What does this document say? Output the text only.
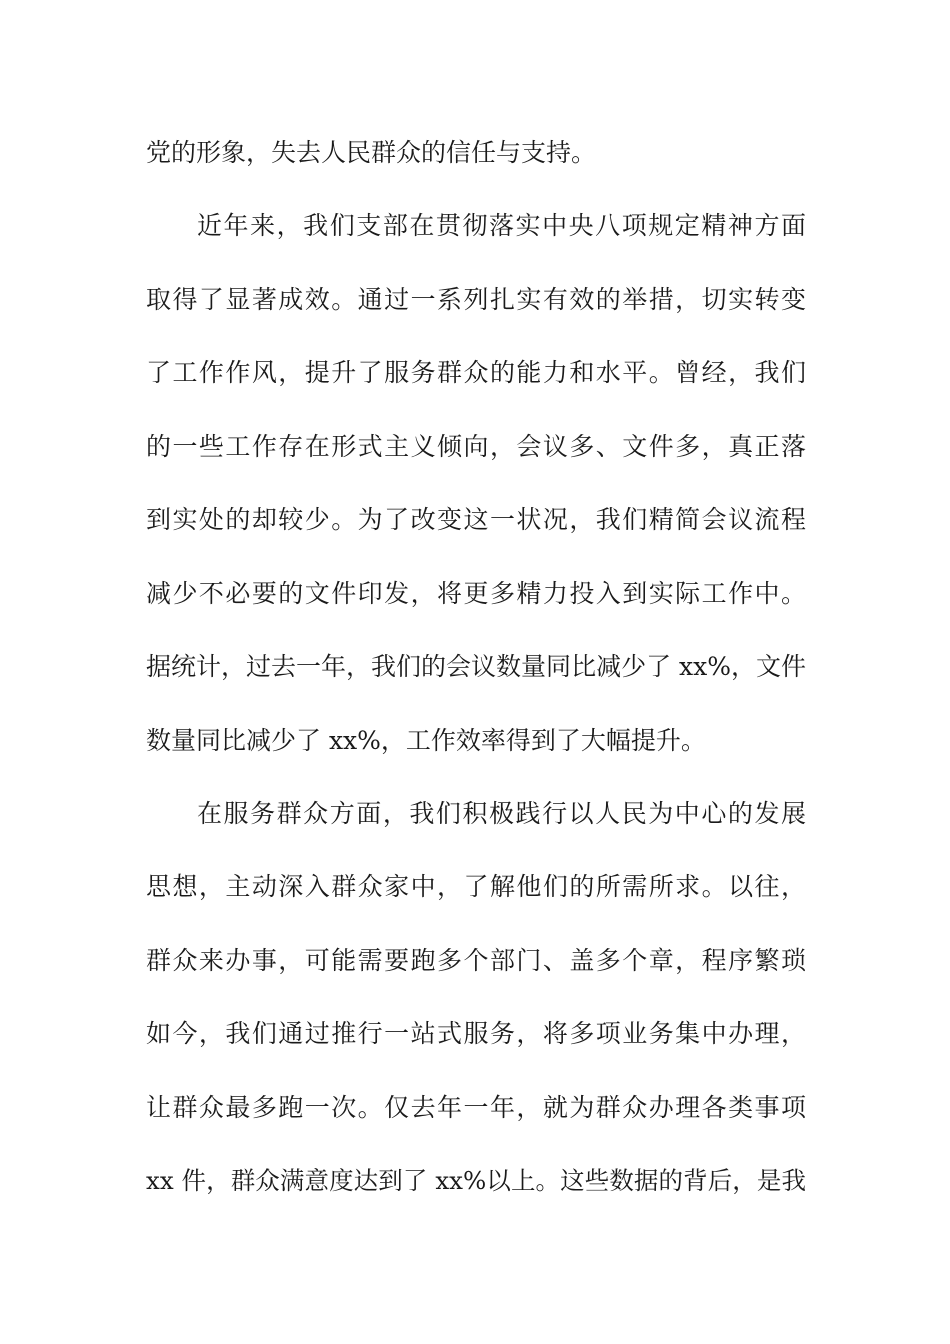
党的形象，失去人民群众的信任与支持。
近年来，我们支部在贯彻落实中央八项规定精神方面
取得了显著成效。通过一系列扎实有效的举措，切实转变
了工作作风，提升了服务群众的能力和水平。曾经，我们
的一些工作存在形式主义倾向，会议多、文件多，真正落
到实处的却较少。为了改变这一状况，我们精简会议流程
减少不必要的文件印发，将更多精力投入到实际工作中。
据统计，过去一年，我们的会议数量同比减少了 xx%，文件
数量同比减少了 xx%，工作效率得到了大幅提升。
在服务群众方面，我们积极践行以人民为中心的发展
思想，主动深入群众家中，了解他们的所需所求。以往，
群众来办事，可能需要跑多个部门、盖多个章，程序繁琐
如今，我们通过推行一站式服务，将多项业务集中办理，
让群众最多跑一次。仅去年一年，就为群众办理各类事项
xx 件，群众满意度达到了 xx%以上。这些数据的背后，是我
